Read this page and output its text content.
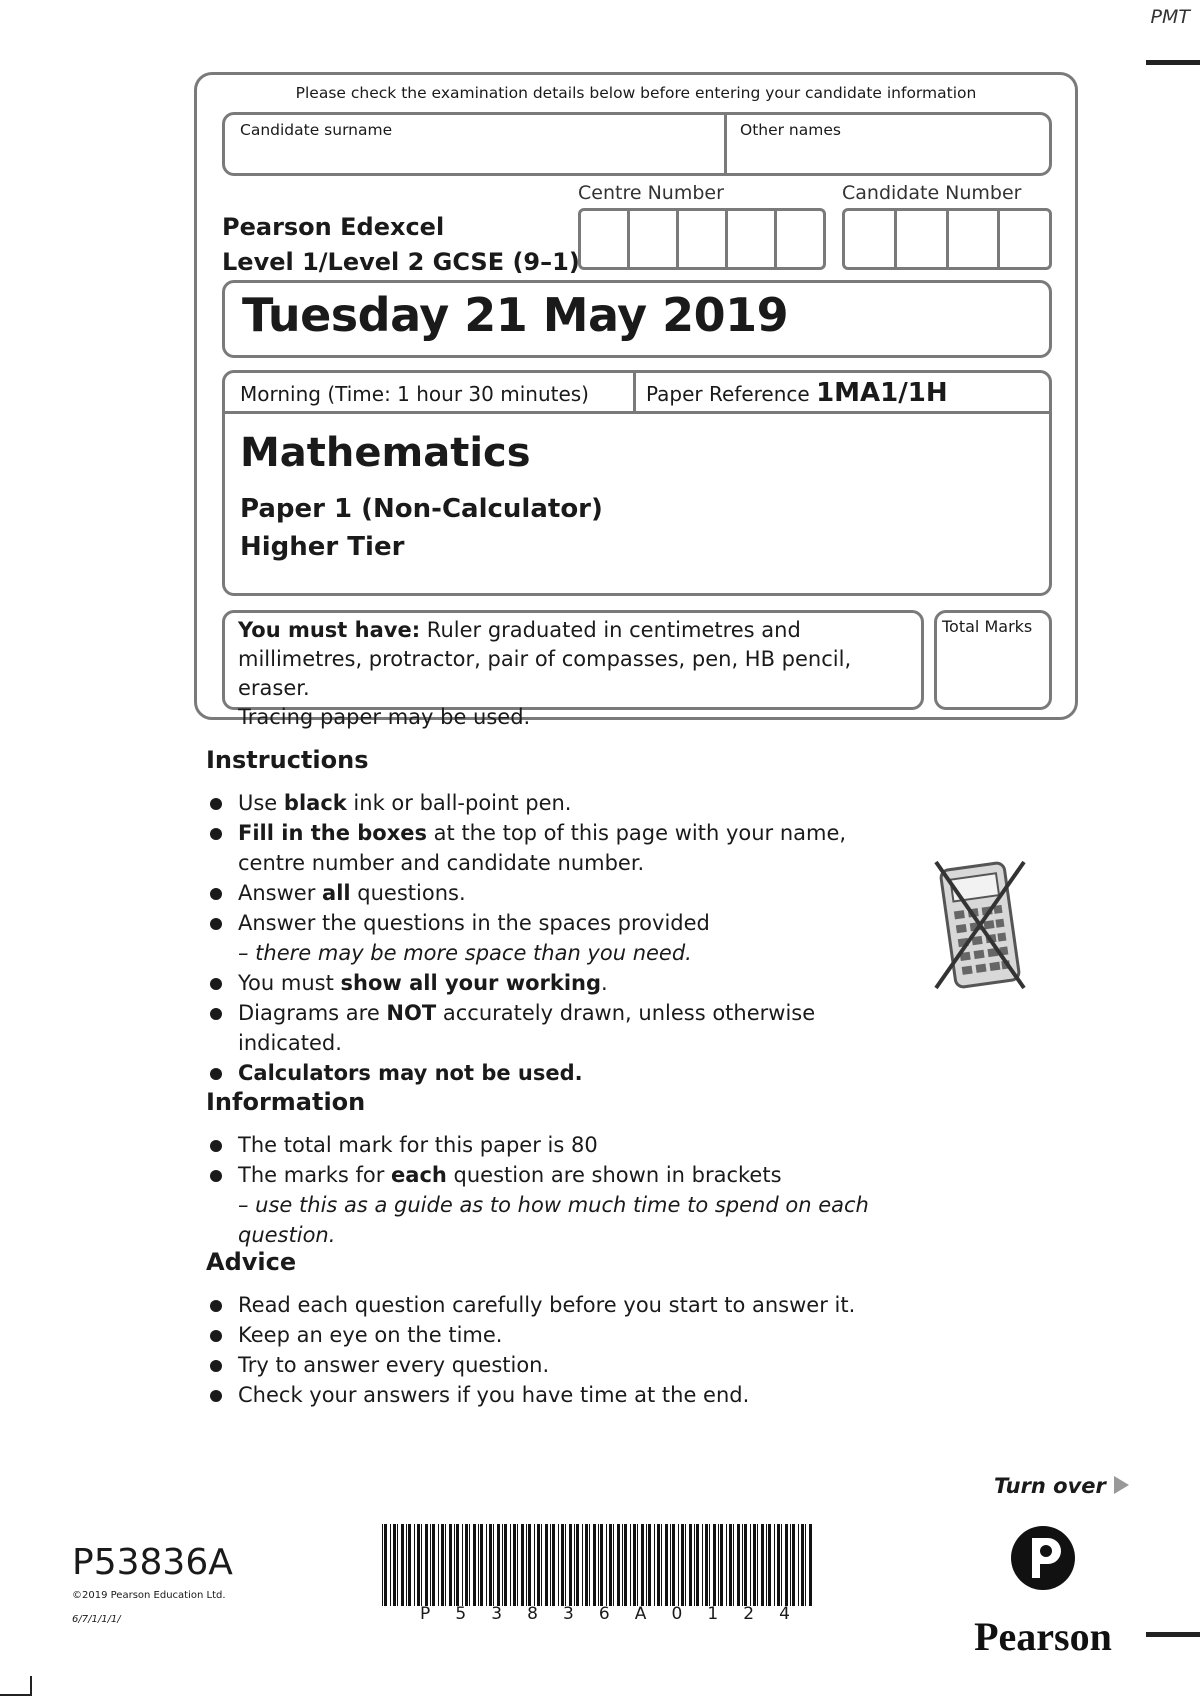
PMT
Please check the examination details below before entering your candidate information
Candidate surname	Other names
Centre Number	Candidate Number
Pearson Edexcel
Level 1/Level 2 GCSE (9–1)
Tuesday 21 May 2019
Morning (Time: 1 hour 30 minutes)	Paper Reference 1MA1/1H
Mathematics
Paper 1 (Non-Calculator)
Higher Tier
You must have: Ruler graduated in centimetres and millimetres, protractor, pair of compasses, pen, HB pencil, eraser.
Tracing paper may be used.
Total Marks
Instructions
Use black ink or ball-point pen.
Fill in the boxes at the top of this page with your name, centre number and candidate number.
Answer all questions.
Answer the questions in the spaces provided
– there may be more space than you need.
You must show all your working.
Diagrams are NOT accurately drawn, unless otherwise indicated.
Calculators may not be used.
Information
The total mark for this paper is 80
The marks for each question are shown in brackets
– use this as a guide as to how much time to spend on each question.
Advice
Read each question carefully before you start to answer it.
Keep an eye on the time.
Try to answer every question.
Check your answers if you have time at the end.
Turn over
P53836A
©2019 Pearson Education Ltd.
6/7/1/1/1/	P 5 3 8 3 6 A 0 1 2 4	Pearson
